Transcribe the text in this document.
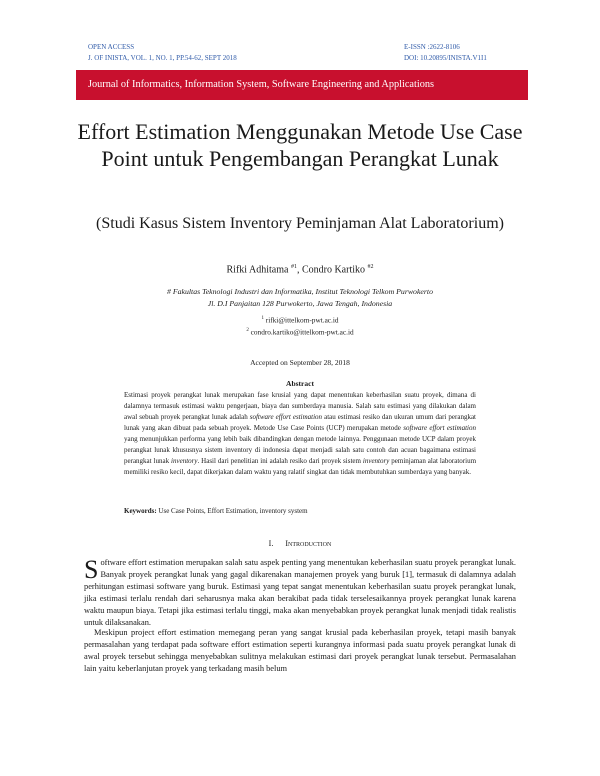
OPEN ACCESS
J. OF INISTA, VOL. 1, NO. 1, PP.54-62, SEPT 2018
E-ISSN :2622-8106
DOI: 10.20895/INISTA.V1I1
Journal of Informatics, Information System, Software Engineering and Applications
Effort Estimation Menggunakan Metode Use Case Point untuk Pengembangan Perangkat Lunak
(Studi Kasus Sistem Inventory Peminjaman Alat Laboratorium)
Rifki Adhitama $^{\#1}$, Condro Kartiko $^{\#2}$
# Fakultas Teknologi Industri dan Informatika, Institut Teknologi Telkom Purwokerto
Jl. D.I Panjaitan 128 Purwokerto, Jawa Tengah, Indonesia
$^1$ rifki@ittelkom-pwt.ac.id
$^2$ condro.kartiko@ittelkom-pwt.ac.id
Accepted on September 28, 2018
Abstract

Estimasi proyek perangkat lunak merupakan fase krusial yang dapat menentukan keberhasilan suatu proyek, dimana di dalamnya termasuk estimasi waktu pengerjaan, biaya dan sumberdaya manusia. Salah satu estimasi yang dilakukan dalam awal sebuah proyek perangkat lunak adalah software effort estimation atau estimasi resiko dan ukuran umum dari perangkat lunak yang akan dibuat pada sebuah proyek. Metode Use Case Points (UCP) merupakan metode software effort estimation yang menunjukkan performa yang lebih baik dibandingkan dengan metode lainnya. Penggunaan metode UCP dalam proyek perangkat lunak khususnya sistem inventory di indonesia dapat menjadi salah satu contoh dan acuan bagaimana estimasi perangkat lunak inventory. Hasil dari penelitian ini adalah resiko dari proyek sistem inventory peminjaman alat laboratorium memiliki resiko kecil, dapat dikerjakan dalam waktu yang ralatif singkat dan tidak membutuhkan sumberdaya yang banyak.

Keywords: Use Case Points, Effort Estimation, inventory system

I. Introduction

Software effort estimation merupakan salah satu aspek penting yang menentukan keberhasilan suatu proyek perangkat lunak. Banyak proyek perangkat lunak yang gagal dikarenakan manajemen proyek yang buruk [1], termasuk di dalamnya adalah perhitungan estimasi software yang buruk. Estimasi yang tepat sangat menentukan keberhasilan suatu proyek perangkat lunak, jika estimasi terlalu rendah dari seharusnya maka akan berakibat pada tidak terselesaikannya proyek perangkat lunak karena waktu maupun biaya. Tetapi jika estimasi terlalu tinggi, maka akan menyebabkan proyek perangkat lunak menjadi tidak realistis untuk dilaksanakan.

Meskipun project effort estimation memegang peran yang sangat krusial pada keberhasilan proyek, tetapi masih banyak permasalahan yang terdapat pada software effort estimation seperti kurangnya informasi pada suatu proyek perangkat lunak di awal proyek tersebut sehingga menyebabkan sulitnya melakukan estimasi dari proyek perangkat lunak tersebut. Permasalahan lain yaitu keberlanjutan proyek yang terkadang masih belum
